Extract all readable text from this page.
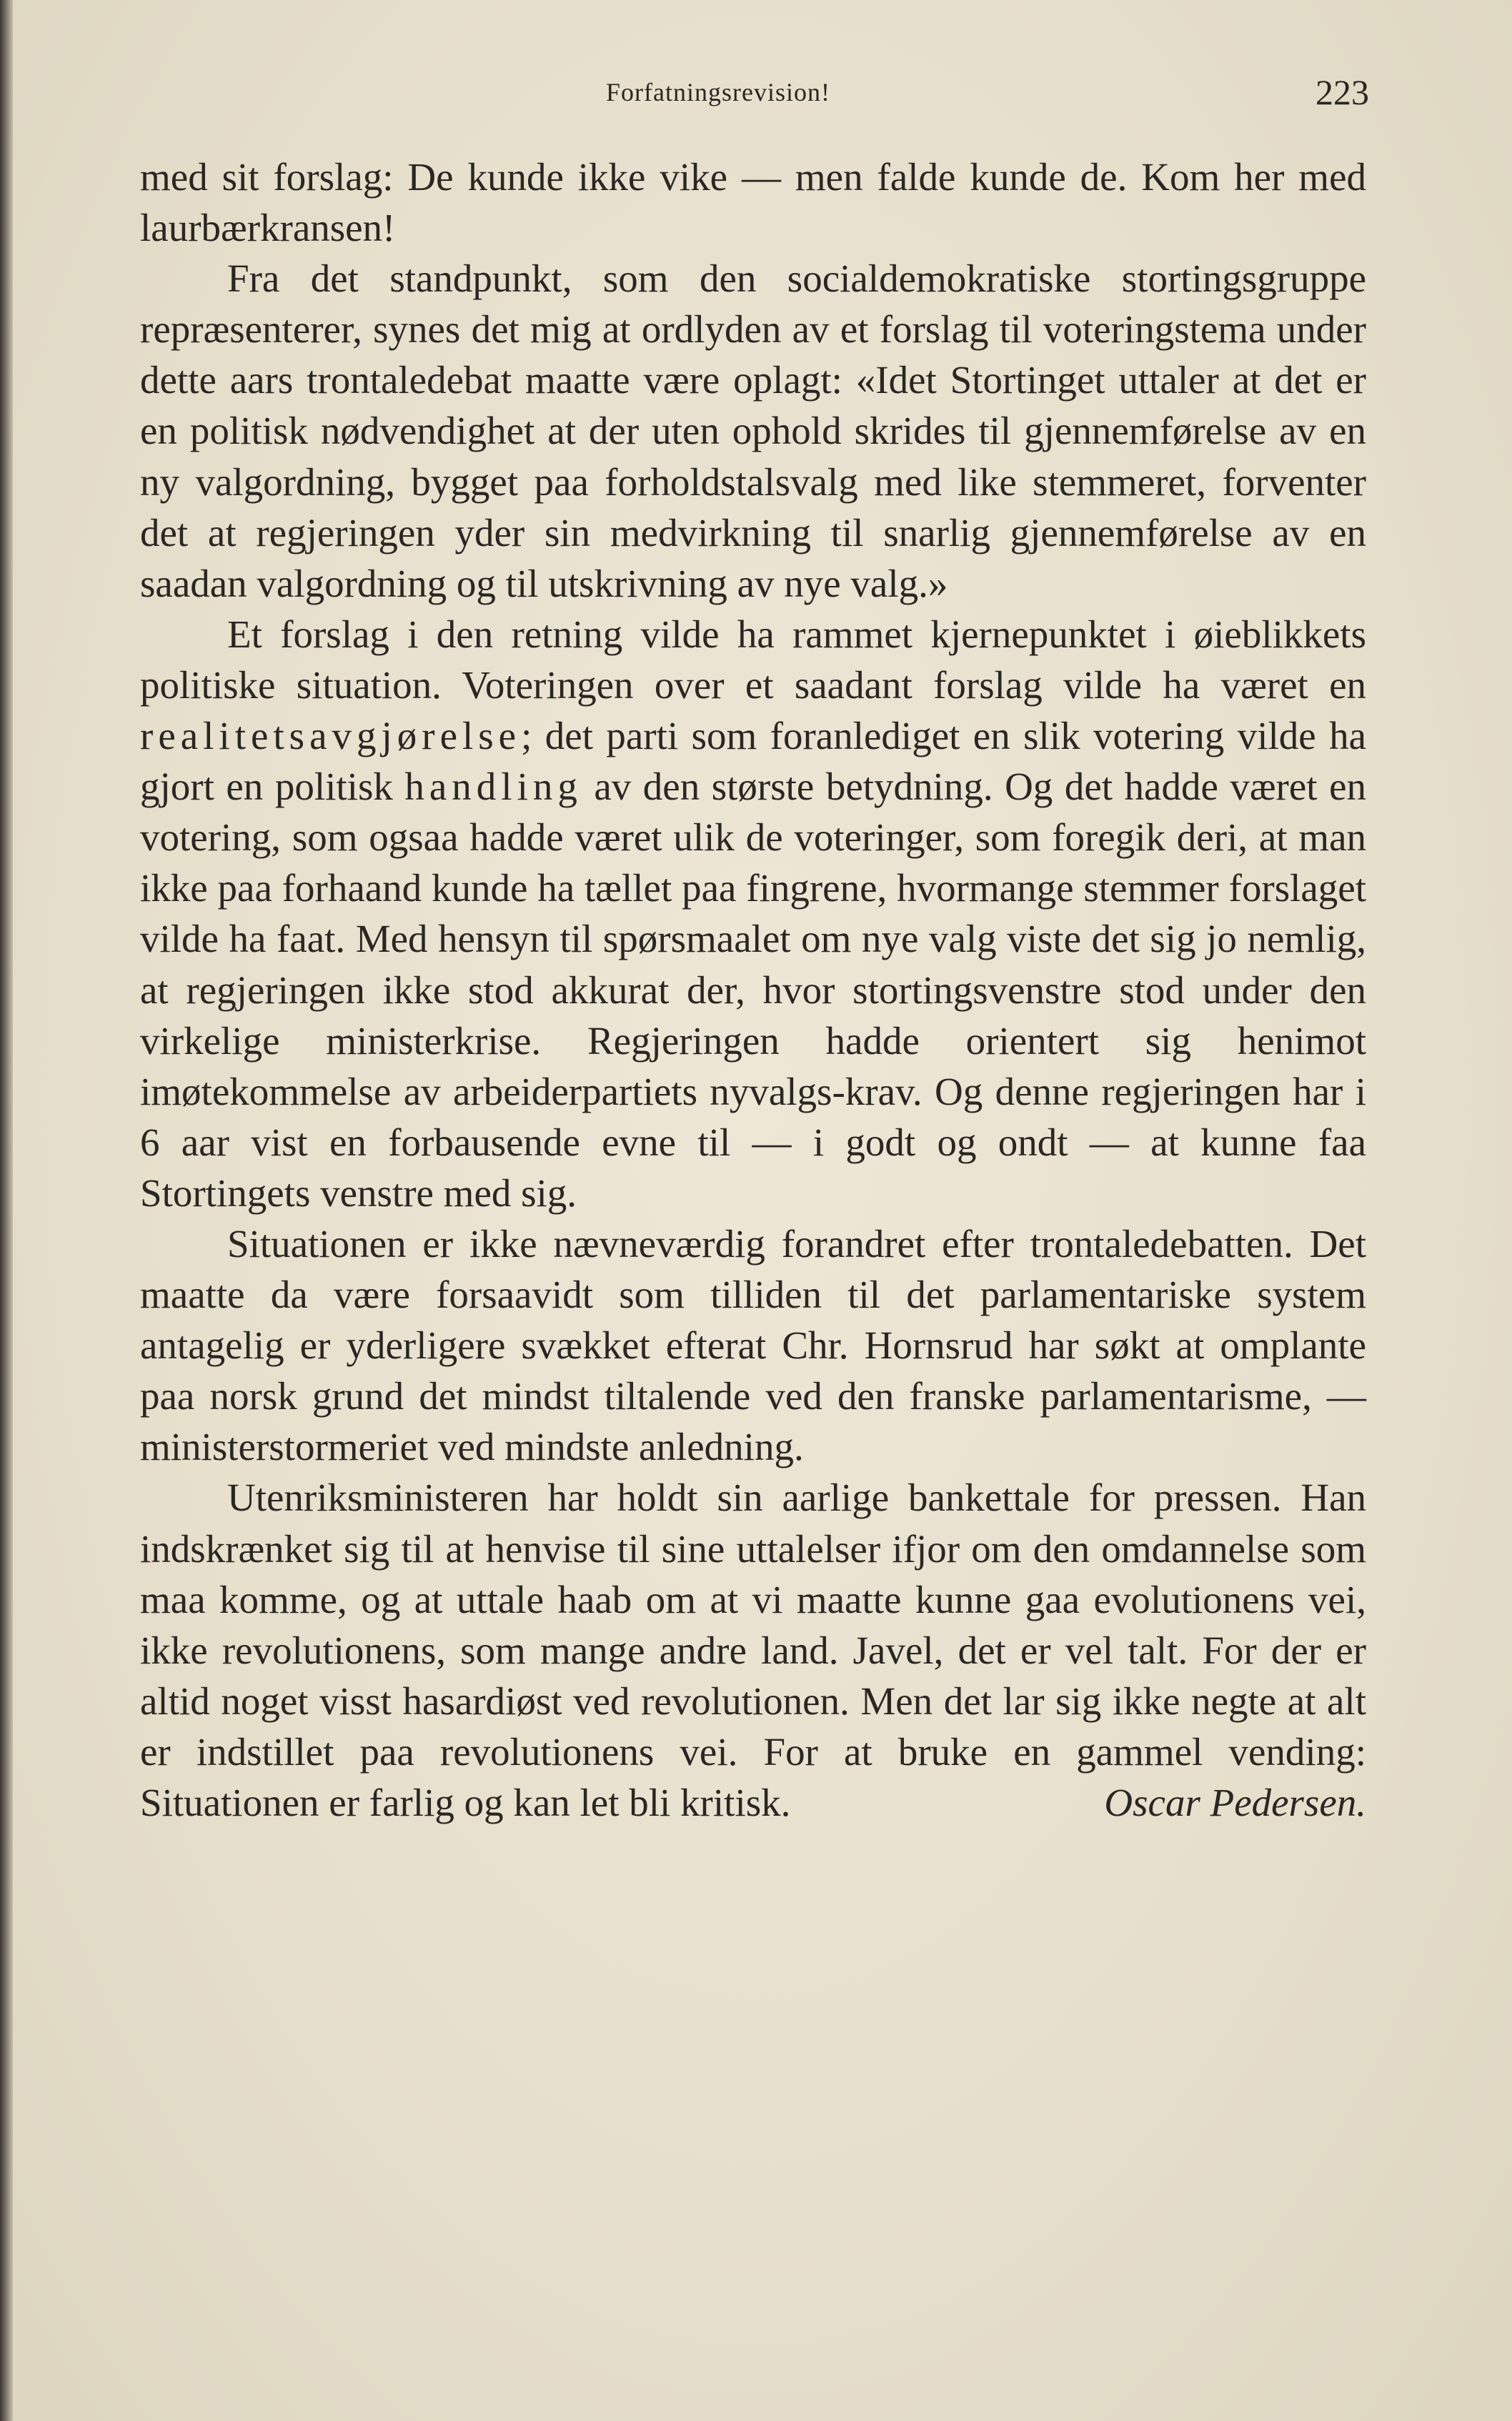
Forfatningsrevision!	223

med sit forslag: De kunde ikke vike — men falde kunde de. Kom her med laurbærkransen!

Fra det standpunkt, som den socialdemokratiske stortingsgruppe repræsenterer, synes det mig at ordlyden av et forslag til voteringstema under dette aars trontaledebat maatte være oplagt: «Idet Stortinget uttaler at det er en politisk nødvendighet at der uten ophold skrides til gjennemførelse av en ny valgordning, bygget paa forholdstalsvalg med like stemmeret, forventer det at regjeringen yder sin medvirkning til snarlig gjennemførelse av en saadan valgordning og til utskrivning av nye valg.»

Et forslag i den retning vilde ha rammet kjernepunktet i øieblikkets politiske situation. Voteringen over et saadant forslag vilde ha været en realitetsavgjørelse; det parti som foranlediget en slik votering vilde ha gjort en politisk handling av den største betydning. Og det hadde været en votering, som ogsaa hadde været ulik de voteringer, som foregik deri, at man ikke paa forhaand kunde ha tællet paa fingrene, hvormange stemmer forslaget vilde ha faat. Med hensyn til spørsmaalet om nye valg viste det sig jo nemlig, at regjeringen ikke stod akkurat der, hvor stortingsvenstre stod under den virkelige ministerkrise. Regjeringen hadde orientert sig henimot imøtekommelse av arbeiderpartiets nyvalgs-krav. Og denne regjeringen har i 6 aar vist en forbausende evne til — i godt og ondt — at kunne faa Stortingets venstre med sig.

Situationen er ikke nævneværdig forandret efter trontaledebatten. Det maatte da være forsaavidt som tilliden til det parlamentariske system antagelig er yderligere svækket efterat Chr. Hornsrud har søkt at omplante paa norsk grund det mindst tiltalende ved den franske parlamentarisme, — ministerstormeriet ved mindste anledning.

Utenriksministeren har holdt sin aarlige bankettale for pressen. Han indskrænket sig til at henvise til sine uttalelser ifjor om den omdannelse som maa komme, og at uttale haab om at vi maatte kunne gaa evolutionens vei, ikke revolutionens, som mange andre land. Javel, det er vel talt. For der er altid noget visst hasardiøst ved revolutionen. Men det lar sig ikke negte at alt er indstillet paa revolutionens vei. For at bruke en gammel vending: Situationen er farlig og kan let bli kritisk.	Oscar Pedersen.
